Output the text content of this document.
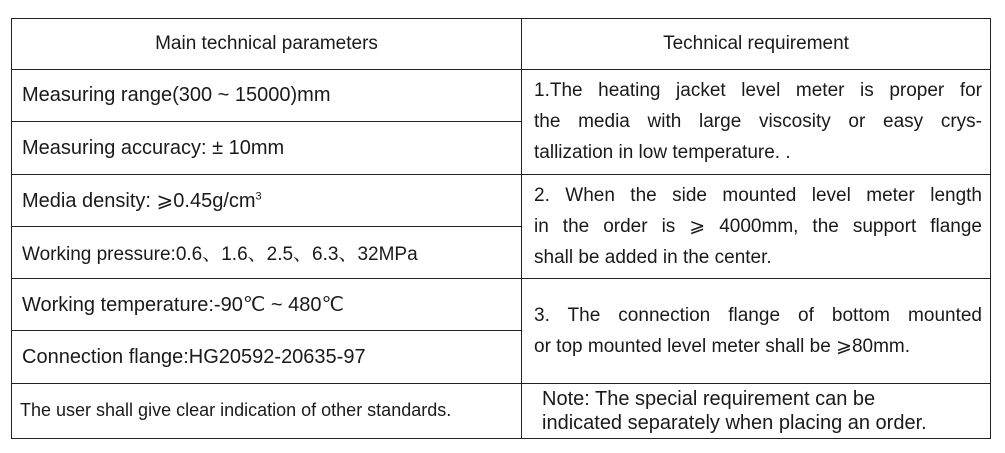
Main technical parameters	Technical requirement
Measuring range(300 ~ 15000)mm	1.The heating jacket level meter is proper for
the media with large viscosity or easy crys-
tallization in low temperature. .

Measuring accuracy: ± 10mm	
Media density: $⩾0.45g/cm^3$	2. When the side mounted level meter length
in the order is ⩾ 4000mm, the support flange
shall be added in the center.

Working pressure:0.6、1.6、2.5、6.3、32MPa	
Working temperature:-90℃ ~ 480℃	3. The connection flange of bottom mounted
or top mounted level meter shall be ⩾80mm.

Connection flange:HG20592-20635-97	
The user shall give clear indication of other standards.	Note: The special requirement can be
indicated separately when placing an order.
